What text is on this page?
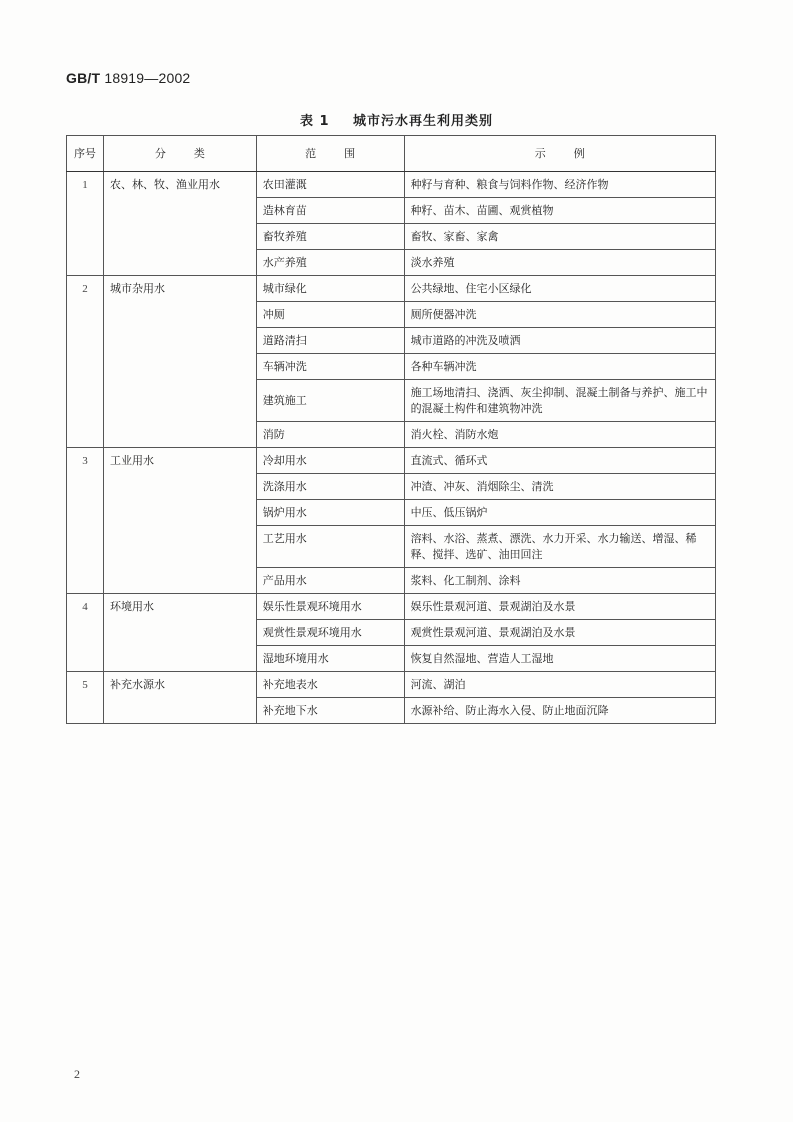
GB/T 18919—2002
表 1 城市污水再生利用类别
序号	分类	范围	示例
1	农、林、牧、渔业用水	农田灌溉	种籽与育种、粮食与饲料作物、经济作物
		造林育苗	种籽、苗木、苗圃、观赏植物
		畜牧养殖	畜牧、家畜、家禽
		水产养殖	淡水养殖
2	城市杂用水	城市绿化	公共绿地、住宅小区绿化
		冲厕	厕所便器冲洗
		道路清扫	城市道路的冲洗及喷洒
		车辆冲洗	各种车辆冲洗
		建筑施工	施工场地清扫、浇洒、灰尘抑制、混凝土制备与养护、施工中的混凝土构件和建筑物冲洗
		消防	消火栓、消防水炮
3	工业用水	冷却用水	直流式、循环式
		洗涤用水	冲渣、冲灰、消烟除尘、清洗
		锅炉用水	中压、低压锅炉
		工艺用水	溶料、水浴、蒸煮、漂洗、水力开采、水力输送、增湿、稀释、搅拌、选矿、油田回注
		产品用水	浆料、化工制剂、涂料
4	环境用水	娱乐性景观环境用水	娱乐性景观河道、景观湖泊及水景
		观赏性景观环境用水	观赏性景观河道、景观湖泊及水景
		湿地环境用水	恢复自然湿地、营造人工湿地
5	补充水源水	补充地表水	河流、湖泊
		补充地下水	水源补给、防止海水入侵、防止地面沉降
2
